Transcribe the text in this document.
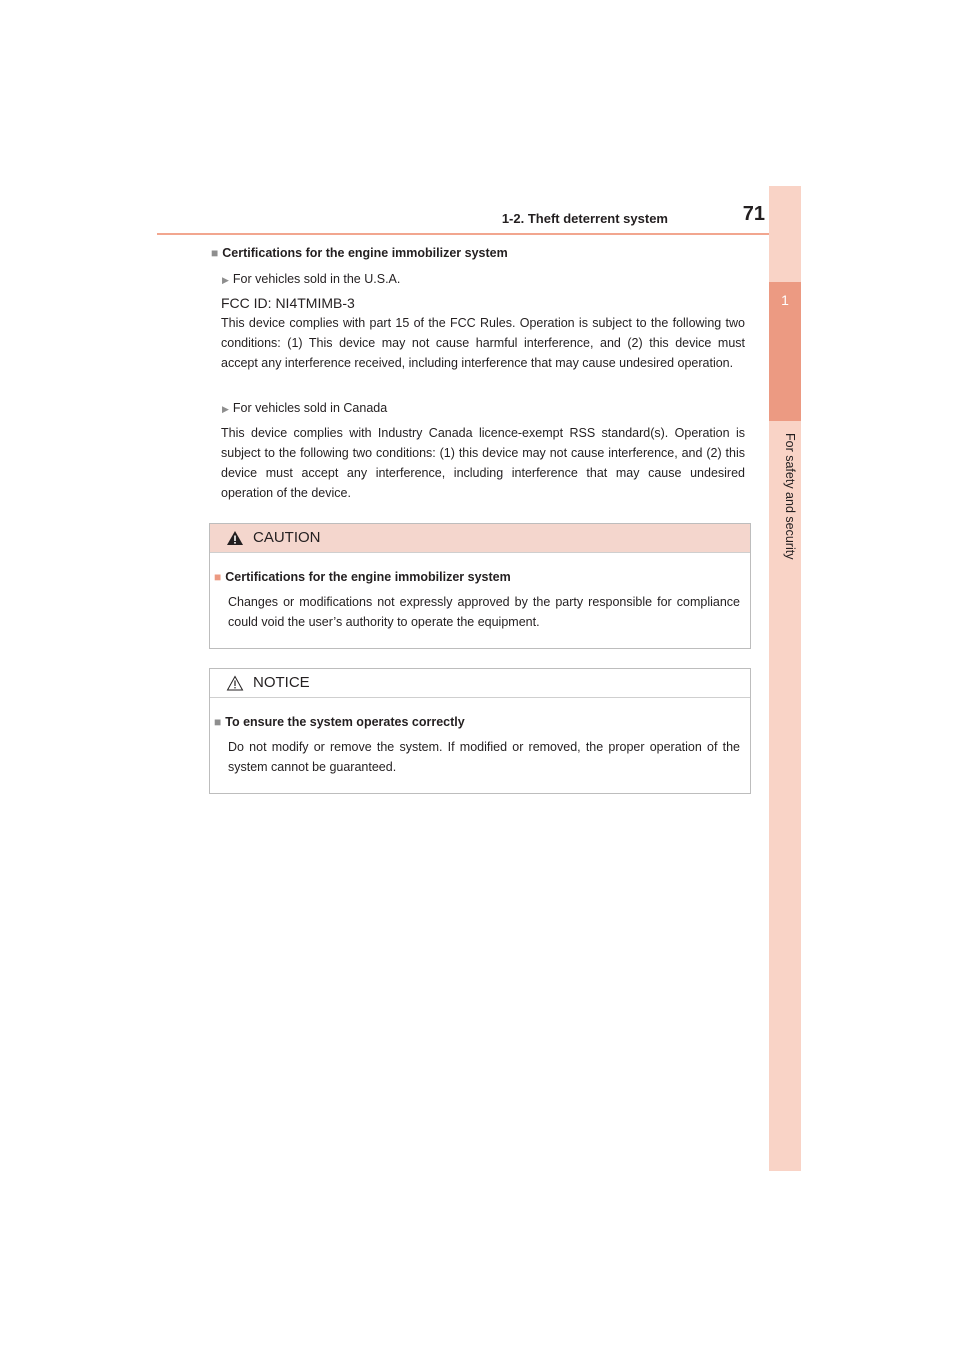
1-2. Theft deterrent system	71
1
For safety and security
■ Certifications for the engine immobilizer system
▶ For vehicles sold in the U.S.A.
FCC ID: NI4TMIMB-3
This device complies with part 15 of the FCC Rules. Operation is subject to the following two conditions: (1) This device may not cause harmful interference, and (2) this device must accept any interference received, including interference that may cause undesired operation.
▶ For vehicles sold in Canada
This device complies with Industry Canada licence-exempt RSS standard(s). Operation is subject to the following two conditions: (1) this device may not cause interference, and (2) this device must accept any interference, including interference that may cause undesired operation of the device.
CAUTION
■ Certifications for the engine immobilizer system
Changes or modifications not expressly approved by the party responsible for compliance could void the user’s authority to operate the equipment.
NOTICE
■ To ensure the system operates correctly
Do not modify or remove the system. If modified or removed, the proper operation of the system cannot be guaranteed.
